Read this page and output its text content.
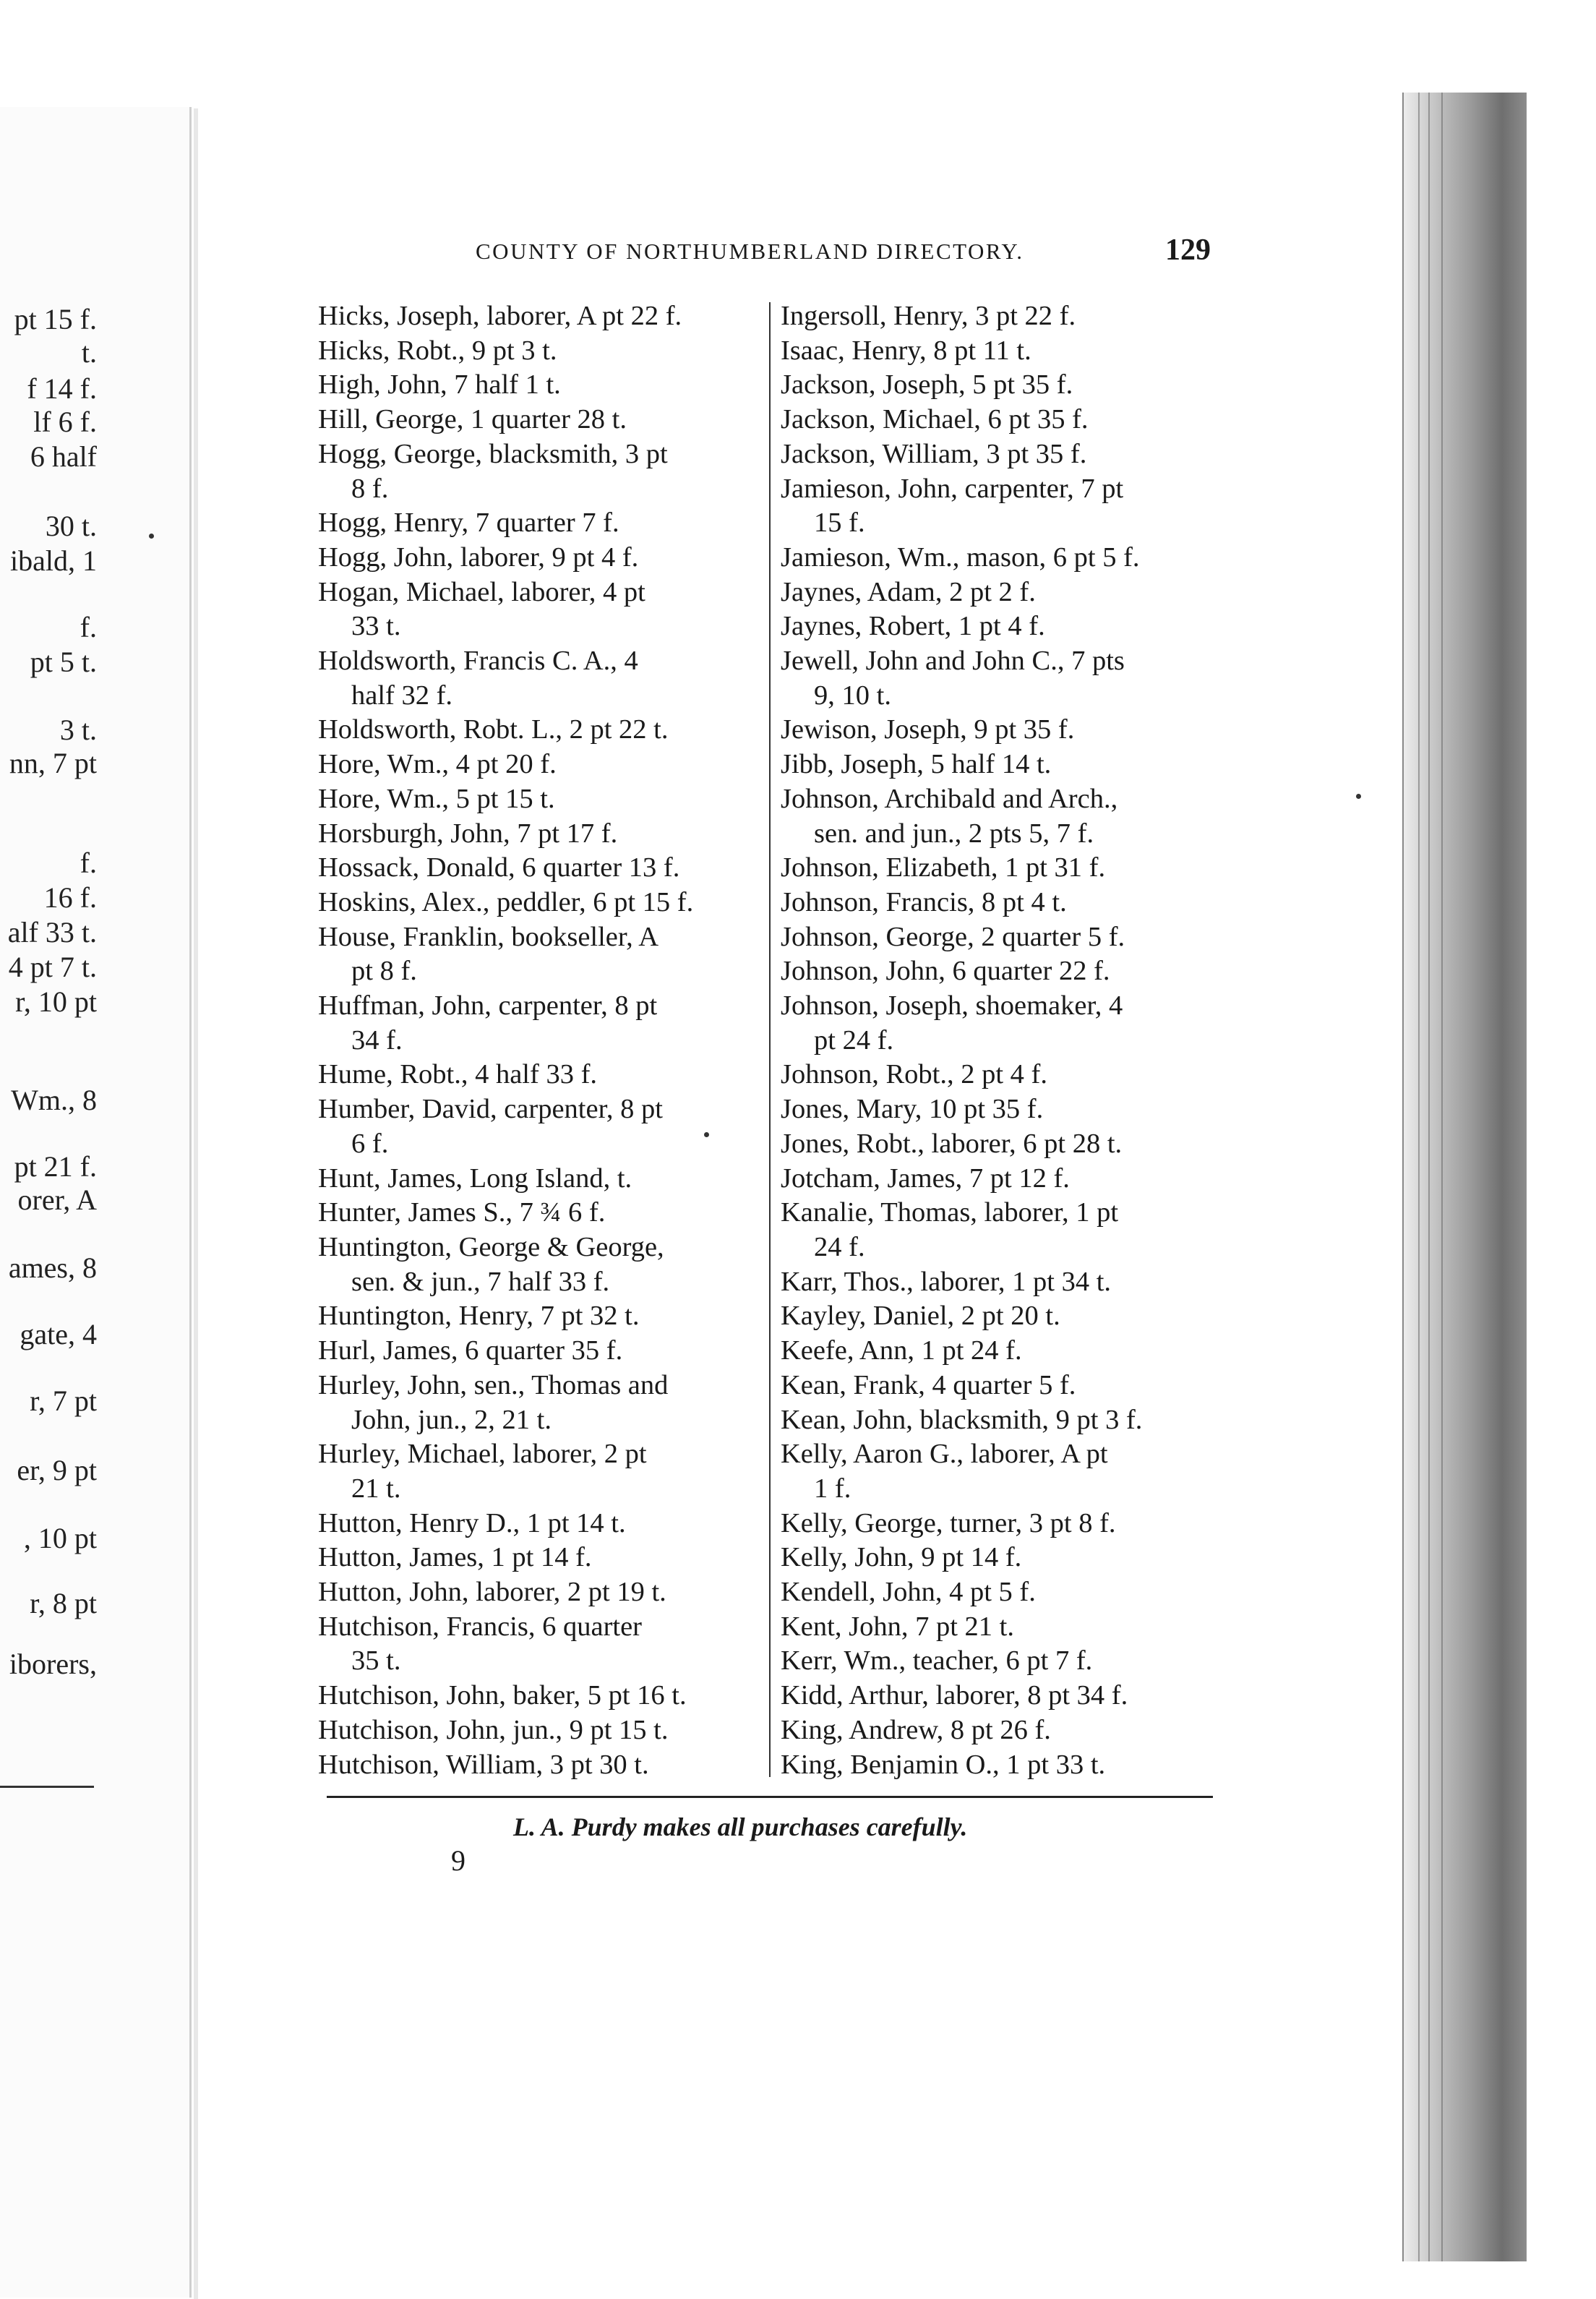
pt 15 f.
t.
f 14 f.
lf 6 f.
6 half
30 t.
ibald, 1
f.
pt 5 t.
3 t.
nn, 7 pt
f.
16 f.
alf 33 t.
4 pt 7 t.
r, 10 pt
Wm., 8
pt 21 f.
orer, A
ames, 8
gate, 4
r, 7 pt
er, 9 pt
, 10 pt
r, 8 pt
iborers,
COUNTY OF NORTHUMBERLAND DIRECTORY.	129
Hicks, Joseph, laborer, A pt 22 f.
Hicks, Robt., 9 pt 3 t.
High, John, 7 half 1 t.
Hill, George, 1 quarter 28 t.
Hogg, George, blacksmith, 3 pt
8 f.
Hogg, Henry, 7 quarter 7 f.
Hogg, John, laborer, 9 pt 4 f.
Hogan, Michael, laborer, 4 pt
33 t.
Holdsworth, Francis C. A., 4
half 32 f.
Holdsworth, Robt. L., 2 pt 22 t.
Hore, Wm., 4 pt 20 f.
Hore, Wm., 5 pt 15 t.
Horsburgh, John, 7 pt 17 f.
Hossack, Donald, 6 quarter 13 f.
Hoskins, Alex., peddler, 6 pt 15 f.
House, Franklin, bookseller, A
pt 8 f.
Huffman, John, carpenter, 8 pt
34 f.
Hume, Robt., 4 half 33 f.
Humber, David, carpenter, 8 pt
6 f.
Hunt, James, Long Island, t.
Hunter, James S., 7 ¾ 6 f.
Huntington, George & George,
sen. & jun., 7 half 33 f.
Huntington, Henry, 7 pt 32 t.
Hurl, James, 6 quarter 35 f.
Hurley, John, sen., Thomas and
John, jun., 2, 21 t.
Hurley, Michael, laborer, 2 pt
21 t.
Hutton, Henry D., 1 pt 14 t.
Hutton, James, 1 pt 14 f.
Hutton, John, laborer, 2 pt 19 t.
Hutchison, Francis, 6 quarter
35 t.
Hutchison, John, baker, 5 pt 16 t.
Hutchison, John, jun., 9 pt 15 t.
Hutchison, William, 3 pt 30 t.
Ingersoll, Henry, 3 pt 22 f.
Isaac, Henry, 8 pt 11 t.
Jackson, Joseph, 5 pt 35 f.
Jackson, Michael, 6 pt 35 f.
Jackson, William, 3 pt 35 f.
Jamieson, John, carpenter, 7 pt
15 f.
Jamieson, Wm., mason, 6 pt 5 f.
Jaynes, Adam, 2 pt 2 f.
Jaynes, Robert, 1 pt 4 f.
Jewell, John and John C., 7 pts
9, 10 t.
Jewison, Joseph, 9 pt 35 f.
Jibb, Joseph, 5 half 14 t.
Johnson, Archibald and Arch.,
sen. and jun., 2 pts 5, 7 f.
Johnson, Elizabeth, 1 pt 31 f.
Johnson, Francis, 8 pt 4 t.
Johnson, George, 2 quarter 5 f.
Johnson, John, 6 quarter 22 f.
Johnson, Joseph, shoemaker, 4
pt 24 f.
Johnson, Robt., 2 pt 4 f.
Jones, Mary, 10 pt 35 f.
Jones, Robt., laborer, 6 pt 28 t.
Jotcham, James, 7 pt 12 f.
Kanalie, Thomas, laborer, 1 pt
24 f.
Karr, Thos., laborer, 1 pt 34 t.
Kayley, Daniel, 2 pt 20 t.
Keefe, Ann, 1 pt 24 f.
Kean, Frank, 4 quarter 5 f.
Kean, John, blacksmith, 9 pt 3 f.
Kelly, Aaron G., laborer, A pt
1 f.
Kelly, George, turner, 3 pt 8 f.
Kelly, John, 9 pt 14 f.
Kendell, John, 4 pt 5 f.
Kent, John, 7 pt 21 t.
Kerr, Wm., teacher, 6 pt 7 f.
Kidd, Arthur, laborer, 8 pt 34 f.
King, Andrew, 8 pt 26 f.
King, Benjamin O., 1 pt 33 t.
L. A. Purdy makes all purchases carefully.
9
